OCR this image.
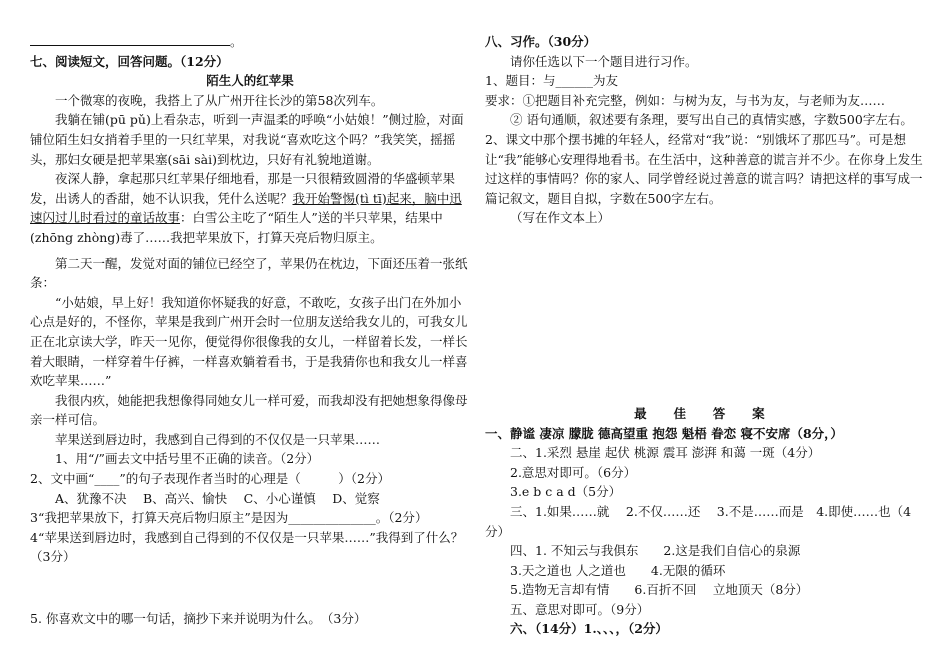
。

七、阅读短文，回答问题。（12分）

陌生人的红苹果

一个微寒的夜晚，我搭上了从广州开往长沙的第58次列车。

我躺在铺(pū pǔ)上看杂志，听到一声温柔的呼唤“小姑娘！”侧过脸，对面铺位陌生妇女捎着手里的一只红苹果，对我说“喜欢吃这个吗？”我笑笑，摇摇头，那妇女硬是把苹果塞(sāi sài)到枕边，只好有礼貌地道谢。

夜深人静，拿起那只红苹果仔细地看，那是一只很精致圆滑的华盛顿苹果发，出诱人的香甜，她不认识我，凭什么送呢？我开始警惕(tì tī)起来，脑中迅速闪过儿时看过的童话故事：白雪公主吃了“陌生人”送的半只苹果，结果中(zhōng zhòng)毒了……我把苹果放下，打算天亮后物归原主。

第二天一醒，发觉对面的铺位已经空了，苹果仍在枕边，下面还压着一张纸条：

“小姑娘，早上好！我知道你怀疑我的好意，不敢吃，女孩子出门在外加小心点是好的，不怪你，苹果是我到广州开会时一位朋友送给我女儿的，可我女儿正在北京读大学，昨天一见你，便觉得你很像我的女儿，一样留着长发，一样长着大眼睛，一样穿着牛仔裤，一样喜欢躺着看书，于是我猜你也和我女儿一样喜欢吃苹果……”

我很内疚，她能把我想像得同她女儿一样可爱，而我却没有把她想象得像母亲一样可信。

苹果送到唇边时，我感到自己得到的不仅仅是一只苹果……

1、用“/”画去文中括号里不正确的读音。（2分）

2、文中画“____”的句子表现作者当时的心理是（　　　）（2分）

A、犹豫不决　 B、高兴、愉快　 C、小心谨慎　 D、觉察

3“我把苹果放下，打算天亮后物归原主”是因为______________。（2分）

4“苹果送到唇边时，我感到自己得到的不仅仅是一只苹果……”我得到了什么？（3分）

5. 你喜欢文中的哪一句话，摘抄下来并说明为什么。　（3分）

八、习作。（30分）

请你任选以下一个题目进行习作。

1、题目：与______为友

要求：①把题目补充完整，例如：与树为友，与书为友，与老师为友……

② 语句通顺，叙述要有条理，要写出自己的真情实感，字数500字左右。

2、课文中那个摆书摊的年轻人，经常对“我”说：“别饿坏了那匹马”。可是想让“我”能够心安理得地看书。在生活中，这种善意的谎言并不少。在你身上发生过这样的事情吗？你的家人、同学曾经说过善意的谎言吗？请把这样的事写成一篇记叙文，题目自拟，字数在500字左右。

（写在作文本上）

最 佳 答 案

一、静谧 凄凉 朦胧 德高望重 抱怨 魁梧 眷恋 寝不安席（8分，）

二、1.采烈 悬崖 起伏 桃源 震耳 澎湃 和蔼 一斑（4分）

2.意思对即可。（6分）

3.e b c a d（5分）

三、1.如果……就　 2.不仅……还　 3.不是……而是　4.即使……也（4分）

四、1. 不知云与我俱东　　2.这是我们自信心的泉源

3.天之道也 人之道也　　4.无限的循环

5.造物无言却有情　　6.百折不回　 立地顶天（8分）

五、意思对即可。（9分）

六、（14分）1.、、、，（2分）
